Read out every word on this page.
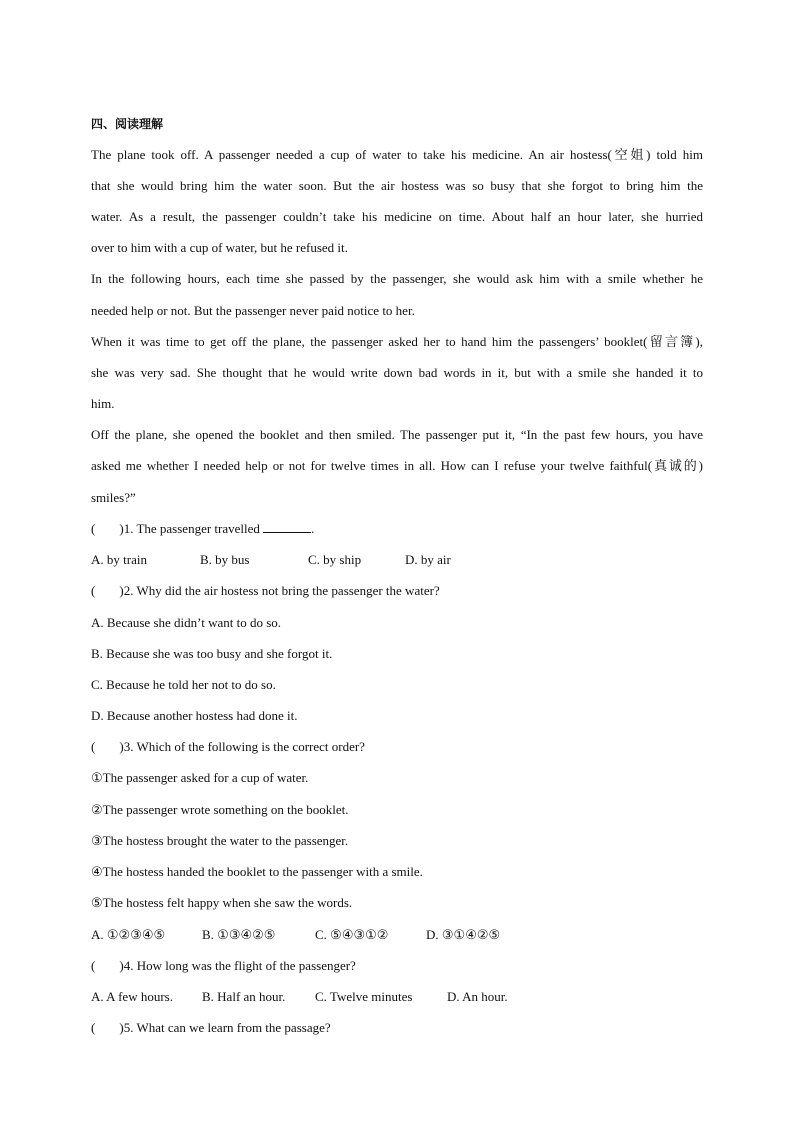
四、阅读理解
The plane took off. A passenger needed a cup of water to take his medicine. An air hostess(空姐) told him
that she would bring him the water soon. But the air hostess was so busy that she forgot to bring him the
water. As a result, the passenger couldn’t take his medicine on time. About half an hour later, she hurried
over to him with a cup of water, but he refused it.
In the following hours, each time she passed by the passenger, she would ask him with a smile whether he
needed help or not. But the passenger never paid notice to her.
When it was time to get off the plane, the passenger asked her to hand him the passengers’ booklet(留言簿),
she was very sad. She thought that he would write down bad words in it, but with a smile she handed it to
him.
Off the plane, she opened the booklet and then smiled. The passenger put it, “In the past few hours, you have
asked me whether I needed help or not for twelve times in all. How can I refuse your twelve faithful(真诚的)
smiles?”
( )1. The passenger travelled	.
A. by train	B. by bus	C. by ship	D. by air
( )2. Why did the air hostess not bring the passenger the water?
A. Because she didn’t want to do so.
B. Because she was too busy and she forgot it.
C. Because he told her not to do so.
D. Because another hostess had done it.
( )3. Which of the following is the correct order?
①The passenger asked for a cup of water.
②The passenger wrote something on the booklet.
③The hostess brought the water to the passenger.
④The hostess handed the booklet to the passenger with a smile.
⑤The hostess felt happy when she saw the words.
A. ①②③④⑤	B. ①③④②⑤	C. ⑤④③①②	D. ③①④②⑤
( )4. How long was the flight of the passenger?
A. A few hours. B. Half an hour. C. Twelve minutes	D. An hour.
( )5. What can we learn from the passage?
